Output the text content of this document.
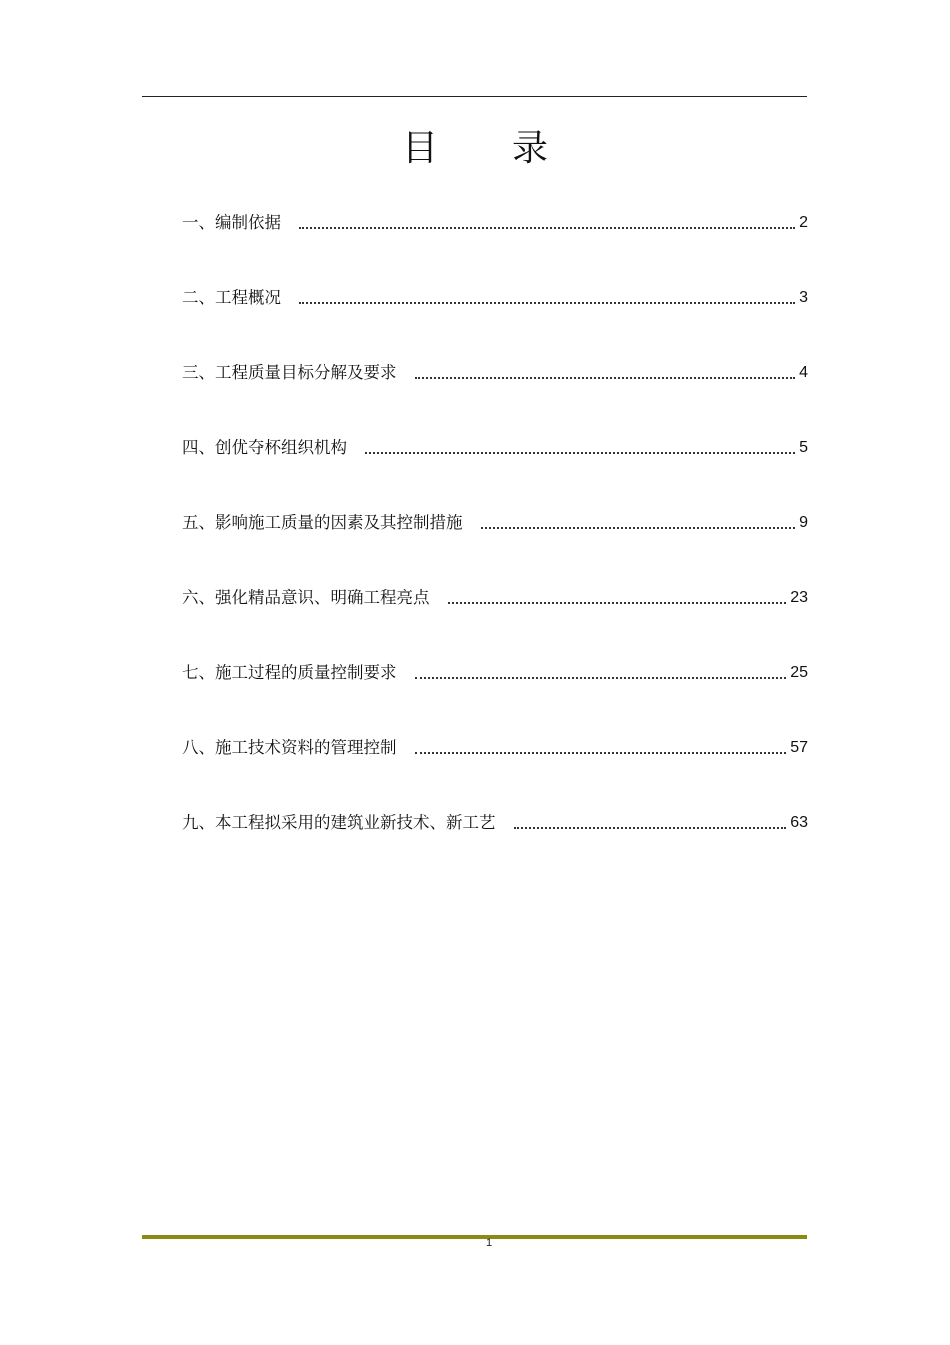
目 录
一、编制依据	2
二、工程概况	3
三、工程质量目标分解及要求	4
四、创优夺杯组织机构	5
五、影响施工质量的因素及其控制措施	9
六、强化精品意识、明确工程亮点	23
七、施工过程的质量控制要求	25
八、施工技术资料的管理控制	57
九、本工程拟采用的建筑业新技术、新工艺	63
1
